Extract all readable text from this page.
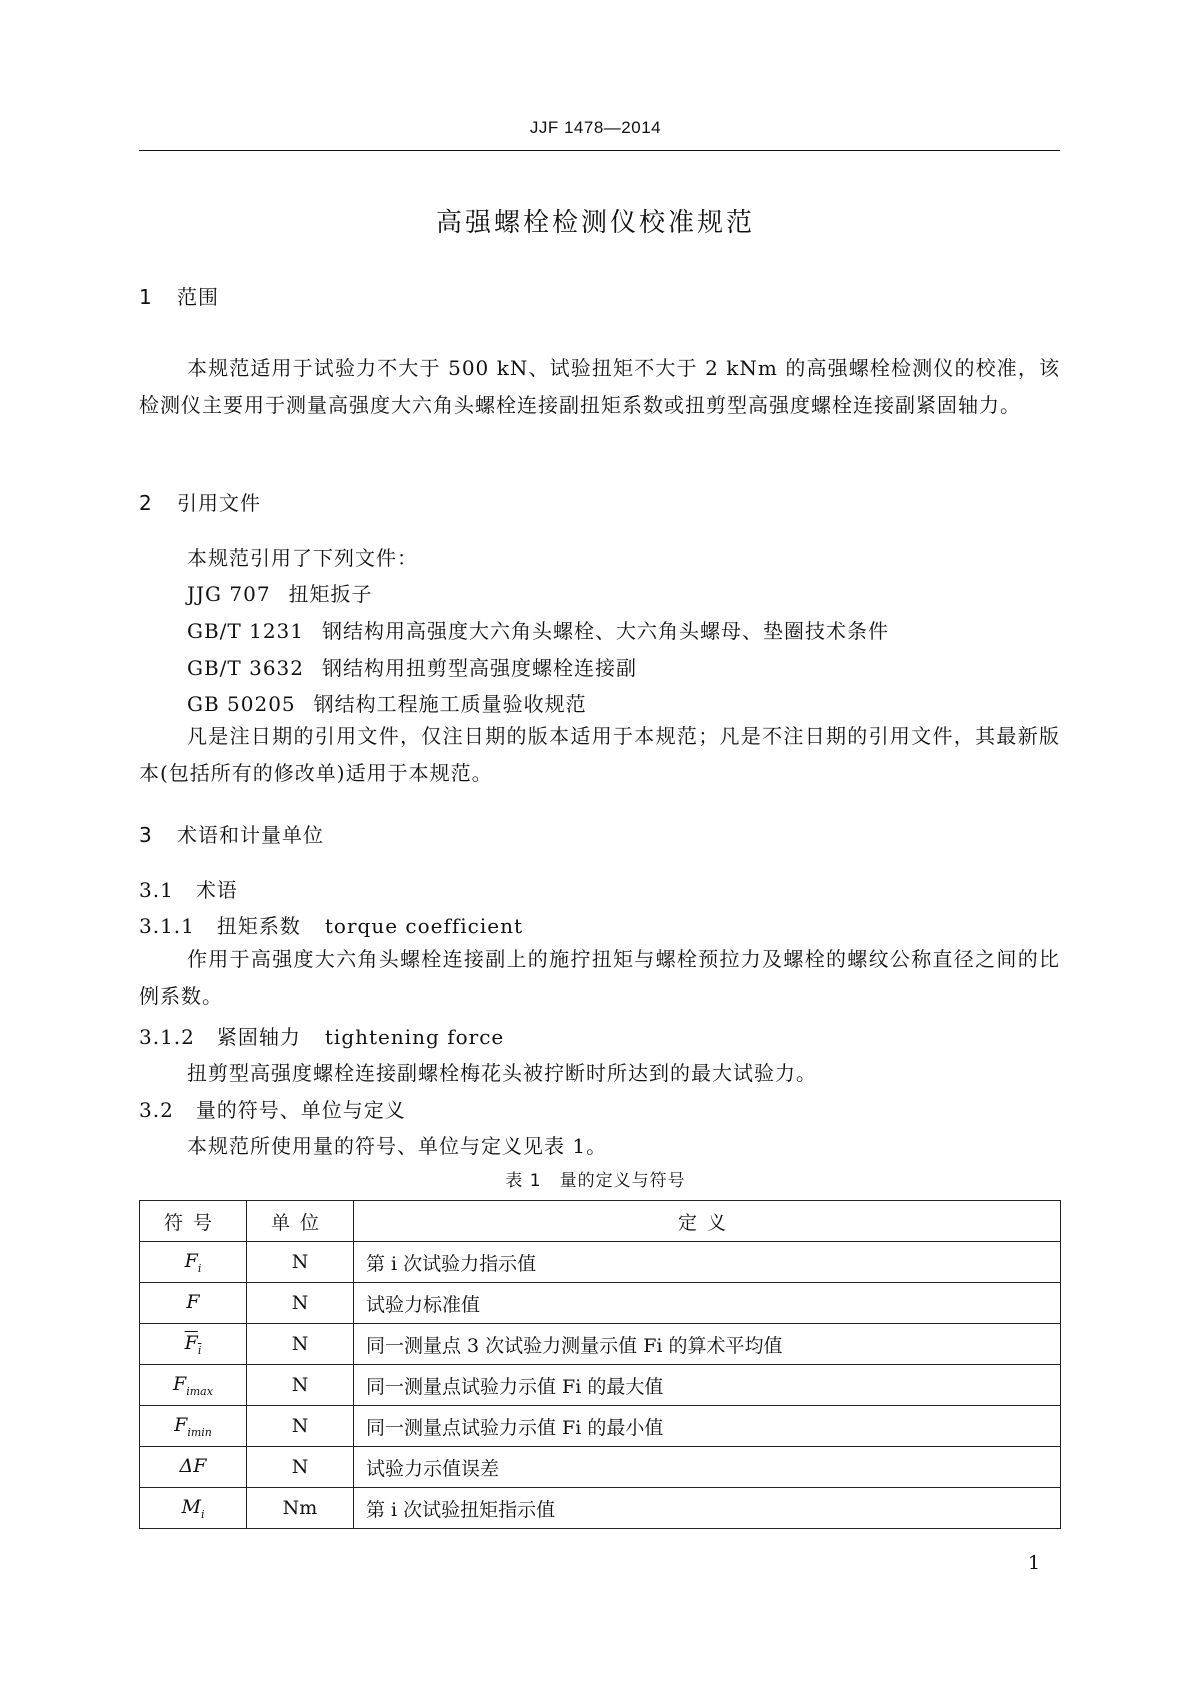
JJF 1478—2014
高强螺栓检测仪校准规范
1 范围
本规范适用于试验力不大于 500 kN、试验扭矩不大于 2 kNm 的高强螺栓检测仪的校准，该检测仪主要用于测量高强度大六角头螺栓连接副扭矩系数或扭剪型高强度螺栓连接副紧固轴力。
2 引用文件
本规范引用了下列文件：
JJG 707 扭矩扳子
GB/T 1231 钢结构用高强度大六角头螺栓、大六角头螺母、垫圈技术条件
GB/T 3632 钢结构用扭剪型高强度螺栓连接副
GB 50205 钢结构工程施工质量验收规范
凡是注日期的引用文件，仅注日期的版本适用于本规范；凡是不注日期的引用文件，其最新版本(包括所有的修改单)适用于本规范。
3 术语和计量单位
3.1 术语
3.1.1 扭矩系数 torque coefficient
作用于高强度大六角头螺栓连接副上的施拧扭矩与螺栓预拉力及螺栓的螺纹公称直径之间的比例系数。
3.1.2 紧固轴力 tightening force
扭剪型高强度螺栓连接副螺栓梅花头被拧断时所达到的最大试验力。
3.2 量的符号、单位与定义
本规范所使用量的符号、单位与定义见表 1。
表 1　量的定义与符号
符号	单位	定义
$F_i$	N	第 i 次试验力指示值
F	N	试验力标准值
$F_i$	N	同一测量点 3 次试验力测量示值 Fi 的算术平均值
$F_{imax}$	N	同一测量点试验力示值 Fi 的最大值
$F_{imin}$	N	同一测量点试验力示值 Fi 的最小值
ΔF	N	试验力示值误差
$M_i$	Nm	第 i 次试验扭矩指示值
1
